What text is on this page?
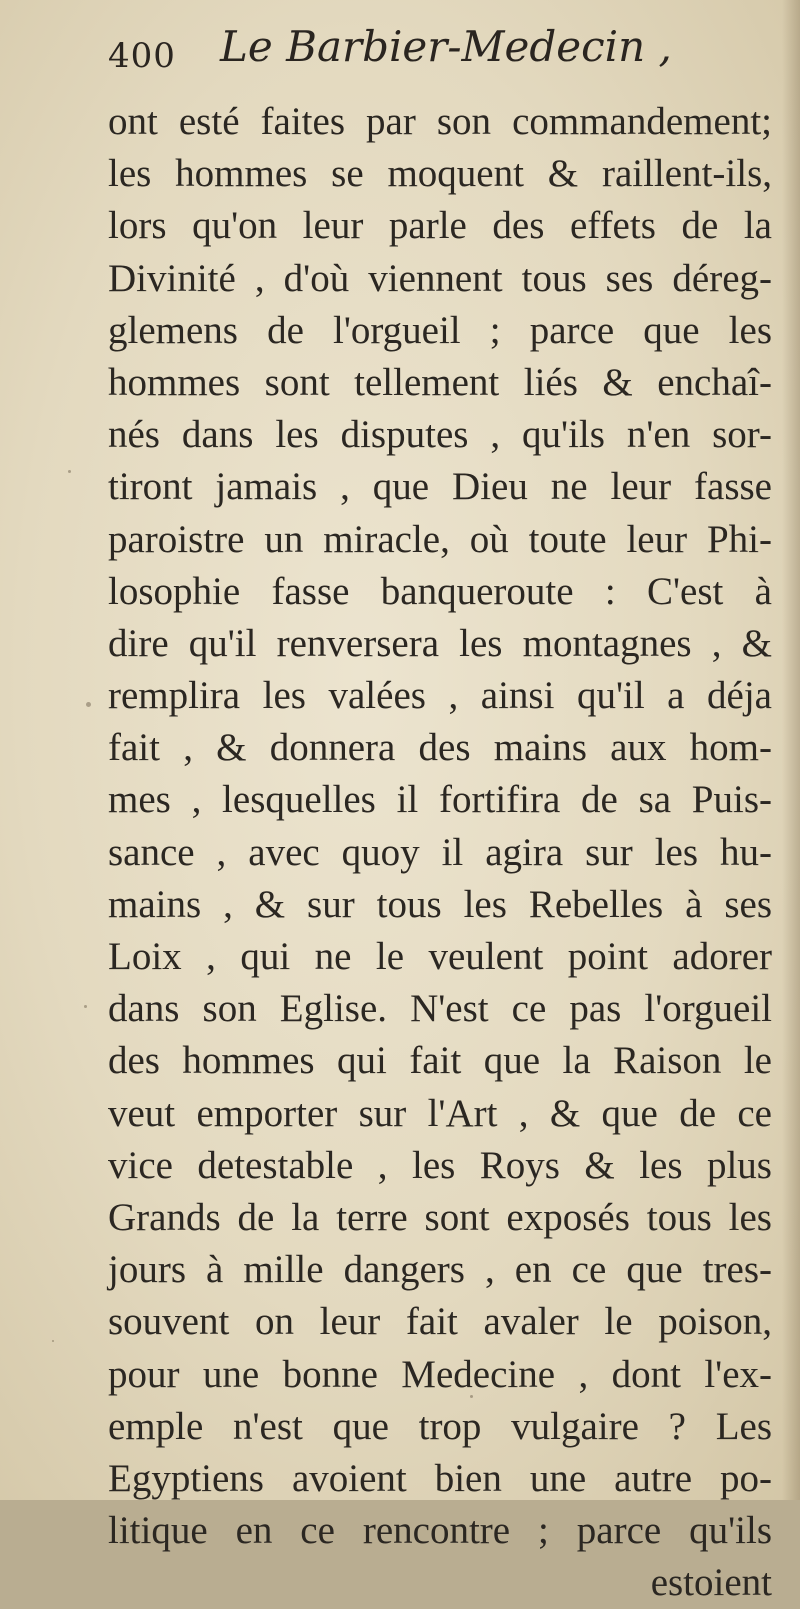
400 Le Barbier-Medecin ,
ont esté faites par son commandement;
les hommes se moquent & raillent-ils,
lors qu'on leur parle des effets de la
Divinité , d'où viennent tous ses déreg-
glemens de l'orgueil ; parce que les
hommes sont tellement liés & enchaî-
nés dans les disputes , qu'ils n'en sor-
tiront jamais , que Dieu ne leur fasse
paroistre un miracle, où toute leur Phi-
losophie fasse banqueroute : C'est à
dire qu'il renversera les montagnes , &
remplira les valées , ainsi qu'il a déja
fait , & donnera des mains aux hom-
mes , lesquelles il fortifira de sa Puis-
sance , avec quoy il agira sur les hu-
mains , & sur tous les Rebelles à ses
Loix , qui ne le veulent point adorer
dans son Eglise. N'est ce pas l'orgueil
des hommes qui fait que la Raison le
veut emporter sur l'Art , & que de ce
vice detestable , les Roys & les plus
Grands de la terre sont exposés tous les
jours à mille dangers , en ce que tres-
souvent on leur fait avaler le poison,
pour une bonne Medecine , dont l'ex-
emple n'est que trop vulgaire ? Les
Egyptiens avoient bien une autre po-
litique en ce rencontre ; parce qu'ils
estoient
